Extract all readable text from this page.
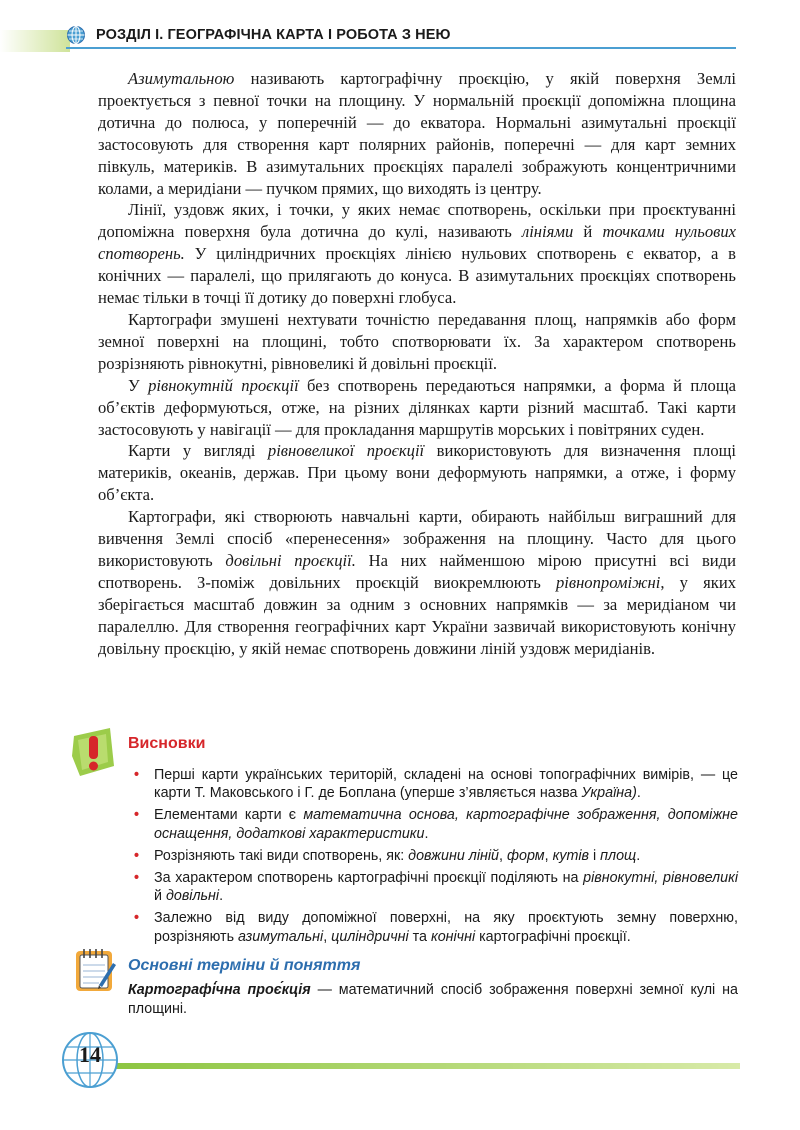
РОЗДІЛ І. ГЕОГРАФІЧНА КАРТА І РОБОТА З НЕЮ

Азимутальною називають картографічну проєкцію, у якій поверхня Землі проектується з певної точки на площину. У нормальній проєкції допоміжна площина дотична до полюса, у поперечній — до екватора. Нормальні азимутальні проєкції застосовують для створення карт полярних районів, поперечні — для карт земних півкуль, материків. В азимутальних проєкціях паралелі зображують концентричними колами, а меридіани — пучком прямих, що виходять із центру.

Лінії, уздовж яких, і точки, у яких немає спотворень, оскільки при проєктуванні допоміжна поверхня була дотична до кулі, називають лініями й точками нульових спотворень. У циліндричних проєкціях лінією нульових спотворень є екватор, а в конічних — паралелі, що прилягають до конуса. В азимутальних проєкціях спотворень немає тільки в точці її дотику до поверхні глобуса.

Картографи змушені нехтувати точністю передавання площ, напрямків або форм земної поверхні на площині, тобто спотворювати їх. За характером спотворень розрізняють рівнокутні, рівновеликі й довільні проєкції.

У рівнокутній проєкції без спотворень передаються напрямки, а форма й площа об’єктів деформуються, отже, на різних ділянках карти різний масштаб. Такі карти застосовують у навігації — для прокладання маршрутів морських і повітряних суден.

Карти у вигляді рівновеликої проєкції використовують для визначення площі материків, океанів, держав. При цьому вони деформують напрямки, а отже, і форму об’єкта.

Картографи, які створюють навчальні карти, обирають найбільш виграшний для вивчення Землі спосіб «перенесення» зображення на площину. Часто для цього використовують довільні проєкції. На них найменшою мірою присутні всі види спотворень. З-поміж довільних проєкцій виокремлюють рівнопроміжні, у яких зберігається масштаб довжин за одним з основних напрямків — за меридіаном чи паралеллю. Для створення географічних карт України зазвичай використовують конічну довільну проєкцію, у якій немає спотворень довжини ліній уздовж меридіанів.

Висновки
• Перші карти українських територій, складені на основі топографічних вимірів, — це карти Т. Маковського і Г. де Боплана (уперше з’являється назва Україна).
• Елементами карти є математична основа, картографічне зображення, допоміжне оснащення, додаткові характеристики.
• Розрізняють такі види спотворень, як: довжини ліній, форм, кутів і площ.
• За характером спотворень картографічні проєкції поділяють на рівнокутні, рівновеликі й довільні.
• Залежно від виду допоміжної поверхні, на яку проєктують земну поверхню, розрізняють азимутальні, циліндричні та конічні картографічні проєкції.
Основні терміни й поняття
Картографі́чна проє́кція — математичний спосіб зображення поверхні земної кулі на площині.
14
